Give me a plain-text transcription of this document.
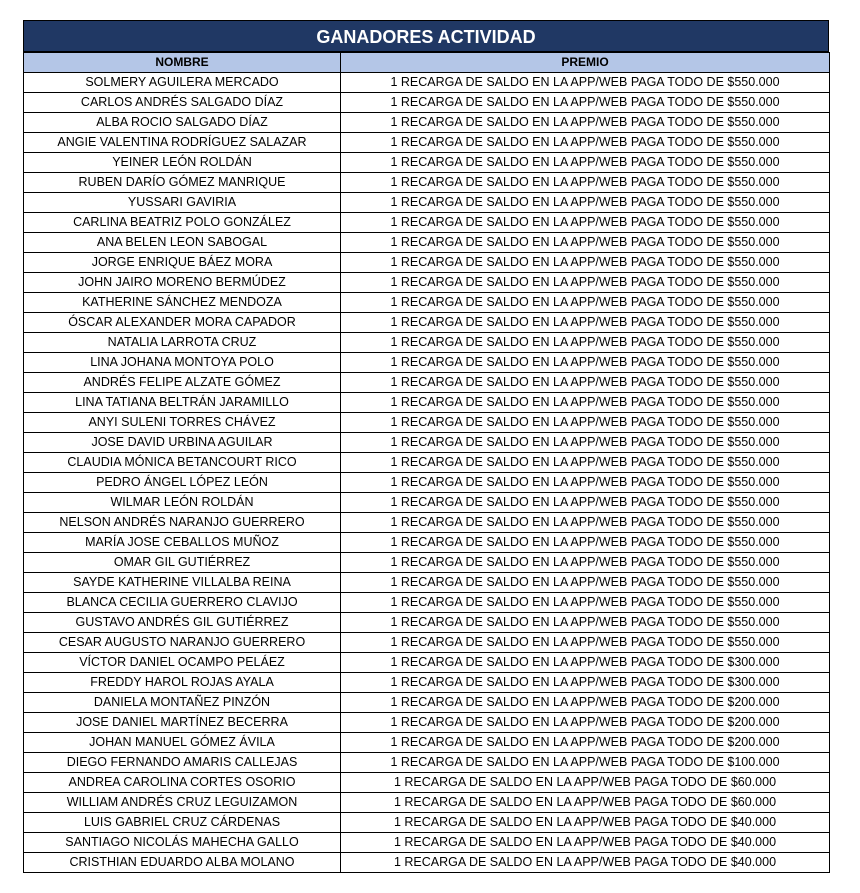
GANADORES ACTIVIDAD
NOMBRE	PREMIO
SOLMERY AGUILERA MERCADO	1 RECARGA DE SALDO EN LA APP/WEB PAGA TODO DE $550.000
CARLOS ANDRÉS SALGADO DÍAZ	1 RECARGA DE SALDO EN LA APP/WEB PAGA TODO DE $550.000
ALBA ROCIO SALGADO DÍAZ	1 RECARGA DE SALDO EN LA APP/WEB PAGA TODO DE $550.000
ANGIE VALENTINA RODRÍGUEZ SALAZAR	1 RECARGA DE SALDO EN LA APP/WEB PAGA TODO DE $550.000
YEINER LEÓN ROLDÁN	1 RECARGA DE SALDO EN LA APP/WEB PAGA TODO DE $550.000
RUBEN DARÍO GÓMEZ MANRIQUE	1 RECARGA DE SALDO EN LA APP/WEB PAGA TODO DE $550.000
YUSSARI GAVIRIA	1 RECARGA DE SALDO EN LA APP/WEB PAGA TODO DE $550.000
CARLINA BEATRIZ POLO GONZÁLEZ	1 RECARGA DE SALDO EN LA APP/WEB PAGA TODO DE $550.000
ANA BELEN LEON SABOGAL	1 RECARGA DE SALDO EN LA APP/WEB PAGA TODO DE $550.000
JORGE ENRIQUE BÁEZ MORA	1 RECARGA DE SALDO EN LA APP/WEB PAGA TODO DE $550.000
JOHN JAIRO MORENO BERMÚDEZ	1 RECARGA DE SALDO EN LA APP/WEB PAGA TODO DE $550.000
KATHERINE SÁNCHEZ MENDOZA	1 RECARGA DE SALDO EN LA APP/WEB PAGA TODO DE $550.000
ÓSCAR ALEXANDER MORA CAPADOR	1 RECARGA DE SALDO EN LA APP/WEB PAGA TODO DE $550.000
NATALIA LARROTA CRUZ	1 RECARGA DE SALDO EN LA APP/WEB PAGA TODO DE $550.000
LINA JOHANA MONTOYA POLO	1 RECARGA DE SALDO EN LA APP/WEB PAGA TODO DE $550.000
ANDRÉS FELIPE ALZATE GÓMEZ	1 RECARGA DE SALDO EN LA APP/WEB PAGA TODO DE $550.000
LINA TATIANA BELTRÁN JARAMILLO	1 RECARGA DE SALDO EN LA APP/WEB PAGA TODO DE $550.000
ANYI SULENI TORRES CHÁVEZ	1 RECARGA DE SALDO EN LA APP/WEB PAGA TODO DE $550.000
JOSE DAVID URBINA AGUILAR	1 RECARGA DE SALDO EN LA APP/WEB PAGA TODO DE $550.000
CLAUDIA MÓNICA BETANCOURT RICO	1 RECARGA DE SALDO EN LA APP/WEB PAGA TODO DE $550.000
PEDRO ÁNGEL LÓPEZ LEÓN	1 RECARGA DE SALDO EN LA APP/WEB PAGA TODO DE $550.000
WILMAR LEÓN ROLDÁN	1 RECARGA DE SALDO EN LA APP/WEB PAGA TODO DE $550.000
NELSON ANDRÉS NARANJO GUERRERO	1 RECARGA DE SALDO EN LA APP/WEB PAGA TODO DE $550.000
MARÍA JOSE CEBALLOS MUÑOZ	1 RECARGA DE SALDO EN LA APP/WEB PAGA TODO DE $550.000
OMAR GIL GUTIÉRREZ	1 RECARGA DE SALDO EN LA APP/WEB PAGA TODO DE $550.000
SAYDE KATHERINE VILLALBA REINA	1 RECARGA DE SALDO EN LA APP/WEB PAGA TODO DE $550.000
BLANCA CECILIA GUERRERO CLAVIJO	1 RECARGA DE SALDO EN LA APP/WEB PAGA TODO DE $550.000
GUSTAVO ANDRÉS GIL GUTIÉRREZ	1 RECARGA DE SALDO EN LA APP/WEB PAGA TODO DE $550.000
CESAR AUGUSTO NARANJO GUERRERO	1 RECARGA DE SALDO EN LA APP/WEB PAGA TODO DE $550.000
VÍCTOR DANIEL OCAMPO PELÁEZ	1 RECARGA DE SALDO EN LA APP/WEB PAGA TODO DE $300.000
FREDDY HAROL ROJAS AYALA	1 RECARGA DE SALDO EN LA APP/WEB PAGA TODO DE $300.000
DANIELA MONTAÑEZ PINZÓN	1 RECARGA DE SALDO EN LA APP/WEB PAGA TODO DE $200.000
JOSE DANIEL MARTÍNEZ BECERRA	1 RECARGA DE SALDO EN LA APP/WEB PAGA TODO DE $200.000
JOHAN MANUEL GÓMEZ ÁVILA	1 RECARGA DE SALDO EN LA APP/WEB PAGA TODO DE $200.000
DIEGO FERNANDO AMARIS CALLEJAS	1 RECARGA DE SALDO EN LA APP/WEB PAGA TODO DE $100.000
ANDREA CAROLINA CORTES OSORIO	1 RECARGA DE SALDO EN LA APP/WEB PAGA TODO DE $60.000
WILLIAM ANDRÉS CRUZ LEGUIZAMON	1 RECARGA DE SALDO EN LA APP/WEB PAGA TODO DE $60.000
LUIS GABRIEL CRUZ CÁRDENAS	1 RECARGA DE SALDO EN LA APP/WEB PAGA TODO DE $40.000
SANTIAGO NICOLÁS MAHECHA GALLO	1 RECARGA DE SALDO EN LA APP/WEB PAGA TODO DE $40.000
CRISTHIAN EDUARDO ALBA MOLANO	1 RECARGA DE SALDO EN LA APP/WEB PAGA TODO DE $40.000
